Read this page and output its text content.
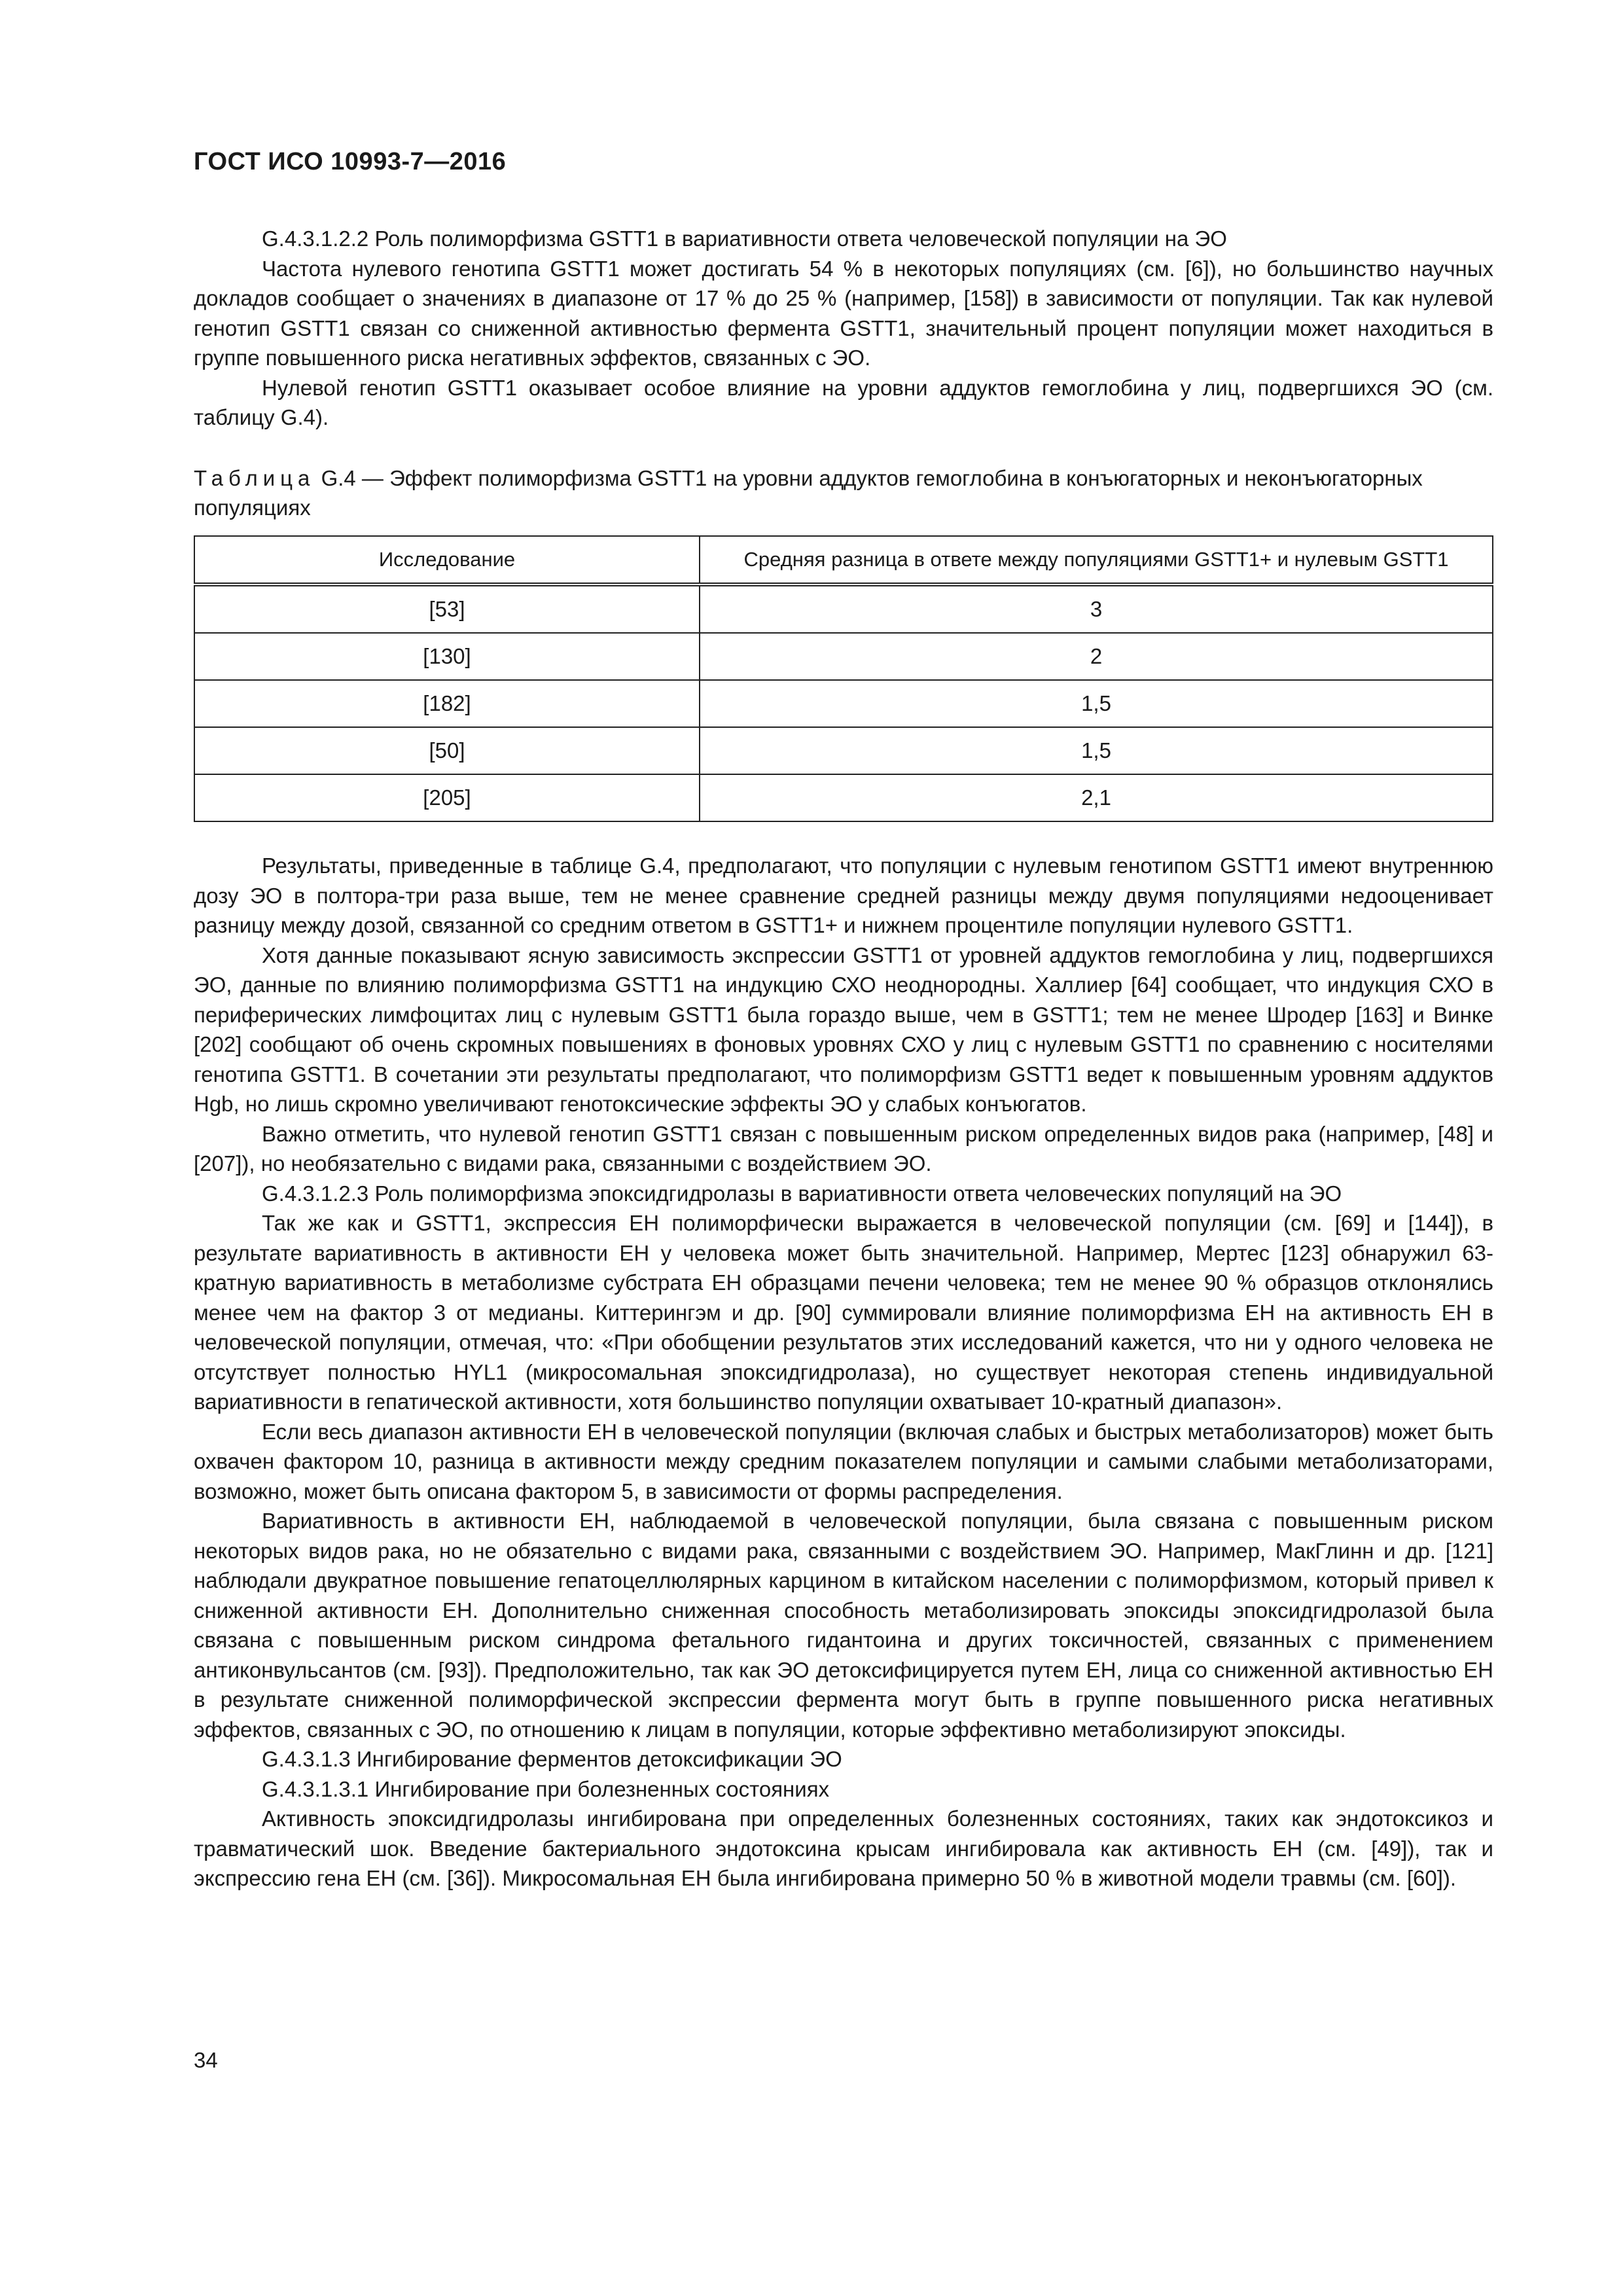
ГОСТ ИСО 10993-7—2016

G.4.3.1.2.2 Роль полиморфизма GSTT1 в вариативности ответа человеческой популяции на ЭО

Частота нулевого генотипа GSTT1 может достигать 54 % в некоторых популяциях (см. [6]), но большинство научных докладов сообщает о значениях в диапазоне от 17 % до 25 % (например, [158]) в зависимости от популяции. Так как нулевой генотип GSTT1 связан со сниженной активностью фермента GSTT1, значительный процент популяции может находиться в группе повышенного риска негативных эффектов, связанных с ЭО.

Нулевой генотип GSTT1 оказывает особое влияние на уровни аддуктов гемоглобина у лиц, подвергшихся ЭО (см. таблицу G.4).

Таблица G.4 — Эффект полиморфизма GSTT1 на уровни аддуктов гемоглобина в конъюгаторных и неконъюгаторных популяциях
Исследование	Средняя разница в ответе между популяциями GSTT1+ и нулевым GSTT1
[53]	3
[130]	2
[182]	1,5
[50]	1,5
[205]	2,1

Результаты, приведенные в таблице G.4, предполагают, что популяции с нулевым генотипом GSTT1 имеют внутреннюю дозу ЭО в полтора-три раза выше, тем не менее сравнение средней разницы между двумя популяциями недооценивает разницу между дозой, связанной со средним ответом в GSTT1+ и нижнем процентиле популяции нулевого GSTT1.

Хотя данные показывают ясную зависимость экспрессии GSTT1 от уровней аддуктов гемоглобина у лиц, подвергшихся ЭО, данные по влиянию полиморфизма GSTT1 на индукцию СХО неоднородны. Халлиер [64] сообщает, что индукция СХО в периферических лимфоцитах лиц с нулевым GSTT1 была гораздо выше, чем в GSTT1; тем не менее Шродер [163] и Винке [202] сообщают об очень скромных повышениях в фоновых уровнях СХО у лиц с нулевым GSTT1 по сравнению с носителями генотипа GSTT1. В сочетании эти результаты предполагают, что полиморфизм GSTT1 ведет к повышенным уровням аддуктов Hgb, но лишь скромно увеличивают генотоксические эффекты ЭО у слабых конъюгатов.

Важно отметить, что нулевой генотип GSTT1 связан с повышенным риском определенных видов рака (например, [48] и [207]), но необязательно с видами рака, связанными с воздействием ЭО.

G.4.3.1.2.3 Роль полиморфизма эпоксидгидролазы в вариативности ответа человеческих популяций на ЭО

Так же как и GSTT1, экспрессия ЕН полиморфически выражается в человеческой популяции (см. [69] и [144]), в результате вариативность в активности ЕН у человека может быть значительной. Например, Мертес [123] обнаружил 63-кратную вариативность в метаболизме субстрата ЕН образцами печени человека; тем не менее 90 % образцов отклонялись менее чем на фактор 3 от медианы. Киттерингэм и др. [90] суммировали влияние полиморфизма ЕН на активность ЕН в человеческой популяции, отмечая, что: «При обобщении результатов этих исследований кажется, что ни у одного человека не отсутствует полностью HYL1 (микросомальная эпоксидгидролаза), но существует некоторая степень индивидуальной вариативности в гепатической активности, хотя большинство популяции охватывает 10-кратный диапазон».

Если весь диапазон активности ЕН в человеческой популяции (включая слабых и быстрых метаболизаторов) может быть охвачен фактором 10, разница в активности между средним показателем популяции и самыми слабыми метаболизаторами, возможно, может быть описана фактором 5, в зависимости от формы распределения.

Вариативность в активности ЕН, наблюдаемой в человеческой популяции, была связана с повышенным риском некоторых видов рака, но не обязательно с видами рака, связанными с воздействием ЭО. Например, МакГлинн и др. [121] наблюдали двукратное повышение гепатоцеллюлярных карцином в китайском населении с полиморфизмом, который привел к сниженной активности ЕН. Дополнительно сниженная способность метаболизировать эпоксиды эпоксидгидролазой была связана с повышенным риском синдрома фетального гидантоина и других токсичностей, связанных с применением антиконвульсантов (см. [93]). Предположительно, так как ЭО детоксифицируется путем ЕН, лица со сниженной активностью ЕН в результате сниженной полиморфической экспрессии фермента могут быть в группе повышенного риска негативных эффектов, связанных с ЭО, по отношению к лицам в популяции, которые эффективно метаболизируют эпоксиды.

G.4.3.1.3 Ингибирование ферментов детоксификации ЭО

G.4.3.1.3.1 Ингибирование при болезненных состояниях

Активность эпоксидгидролазы ингибирована при определенных болезненных состояниях, таких как эндотоксикоз и травматический шок. Введение бактериального эндотоксина крысам ингибировала как активность ЕН (см. [49]), так и экспрессию гена ЕН (см. [36]). Микросомальная ЕН была ингибирована примерно 50 % в животной модели травмы (см. [60]).

34
